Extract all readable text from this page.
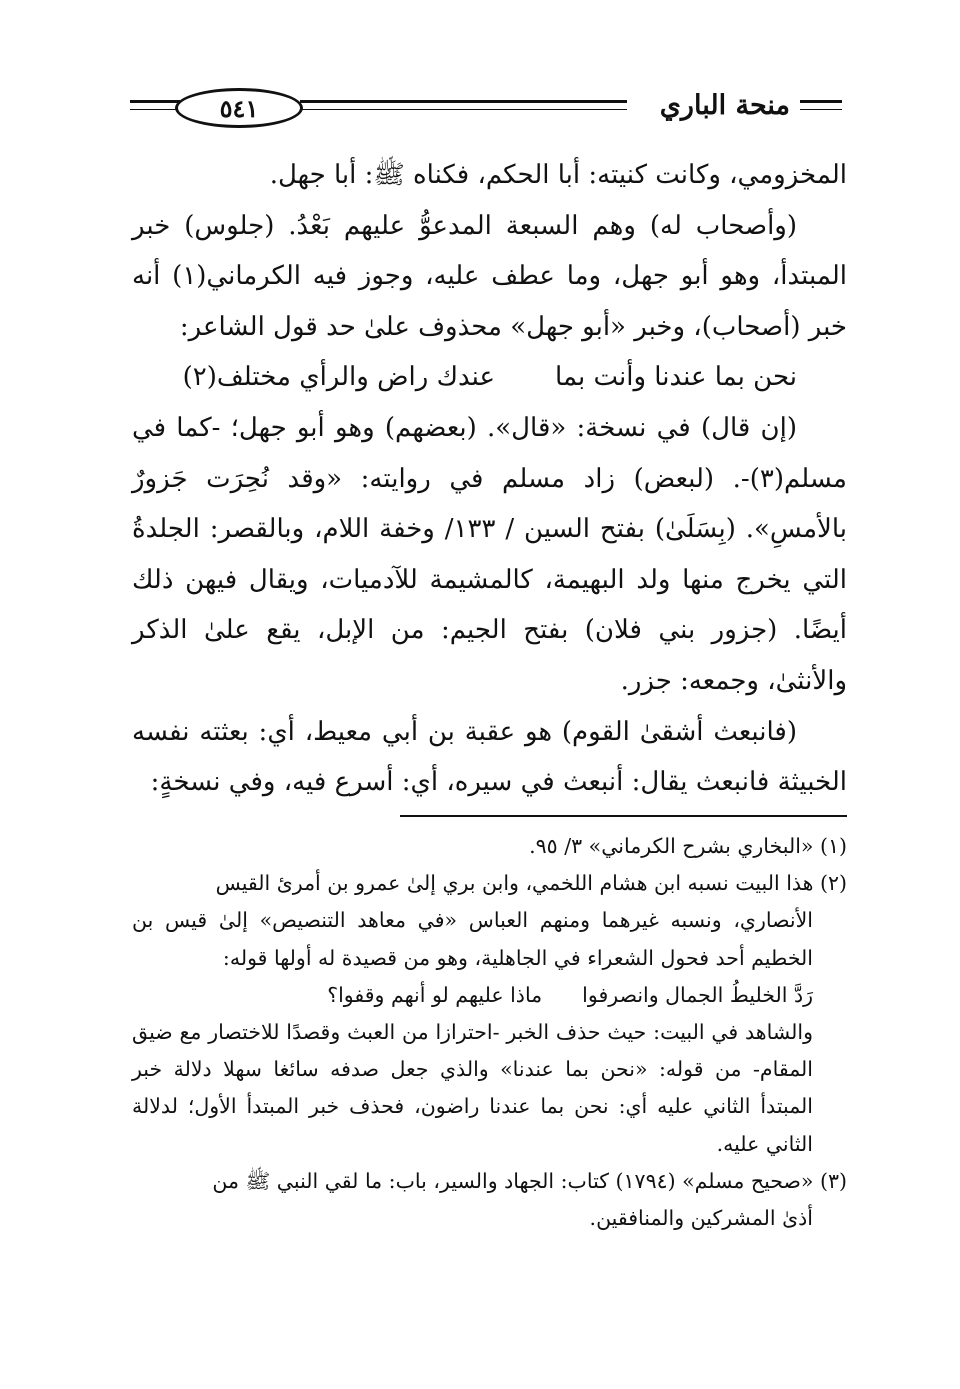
٥٤١	منحة الباري

المخزومي، وكانت كنيته: أبا الحكم، فكناه ﷺ: أبا جهل.

(وأصحاب له) وهم السبعة المدعوُّ عليهم بَعْدُ. (جلوس) خبر المبتدأ، وهو أبو جهل، وما عطف عليه، وجوز فيه الكرماني(١) أنه خبر (أصحاب)، وخبر «أبو جهل» محذوف علىٰ حد قول الشاعر:

نحن بما عندنا وأنت بما
عندك راض والرأي مختلف(٢)

(إن قال) في نسخة: «قال». (بعضهم) وهو أبو جهل؛ -كما في مسلم(٣)-. (لبعض) زاد مسلم في روايته: «وقد نُحِرَت جَزورٌ بالأمسِ». (بِسَلَىٰ) بفتح السين / ١٣٣/ وخفة اللام، وبالقصر: الجلدةُ التي يخرج منها ولد البهيمة، كالمشيمة للآدميات، ويقال فيهن ذلك أيضًا. (جزور بني فلان) بفتح الجيم: من الإبل، يقع علىٰ الذكر والأنثىٰ، وجمعه: جزر.

(فانبعث أشقىٰ القوم) هو عقبة بن أبي معيط، أي: بعثته نفسه الخبيثة فانبعث يقال: أنبعث في سيره، أي: أسرع فيه، وفي نسخةٍ:

(١) «البخاري بشرح الكرماني» ٣/ ٩٥.

(٢) هذا البيت نسبه ابن هشام اللخمي، وابن بري إلىٰ عمرو بن أمرئ القيس

الأنصاري، ونسبه غيرهما ومنهم العباس «في معاهد التنصيص» إلىٰ قيس بن الخطيم أحد فحول الشعراء في الجاهلية، وهو من قصيدة له أولها قوله:

رَدَّ الخليطُ الجمال وانصرفوا
ماذا عليهم لو أنهم وقفوا؟

والشاهد في البيت: حيث حذف الخبر -احترازا من العبث وقصدًا للاختصار مع ضيق المقام- من قوله: «نحن بما عندنا» والذي جعل صدفه سائغا سهلا دلالة خبر المبتدأ الثاني عليه أي: نحن بما عندنا راضون، فحذف خبر المبتدأ الأول؛ لدلالة الثاني عليه.

(٣) «صحيح مسلم» (١٧٩٤) كتاب: الجهاد والسير، باب: ما لقي النبي ﷺ من

أذىٰ المشركين والمنافقين.
